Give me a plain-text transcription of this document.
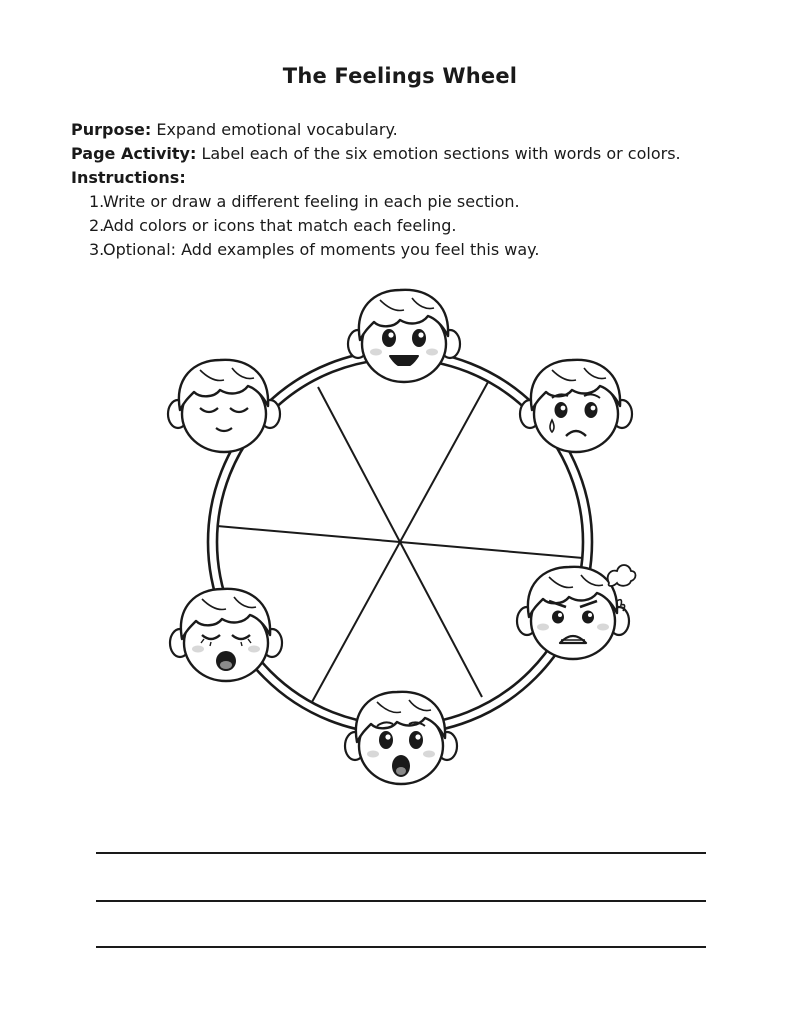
The Feelings Wheel
Purpose: Expand emotional vocabulary.
Page Activity: Label each of the six emotion sections with words or colors.
Instructions:
1.Write or draw a different feeling in each pie section.
2.Add colors or icons that match each feeling.
3.Optional: Add examples of moments you feel this way.
